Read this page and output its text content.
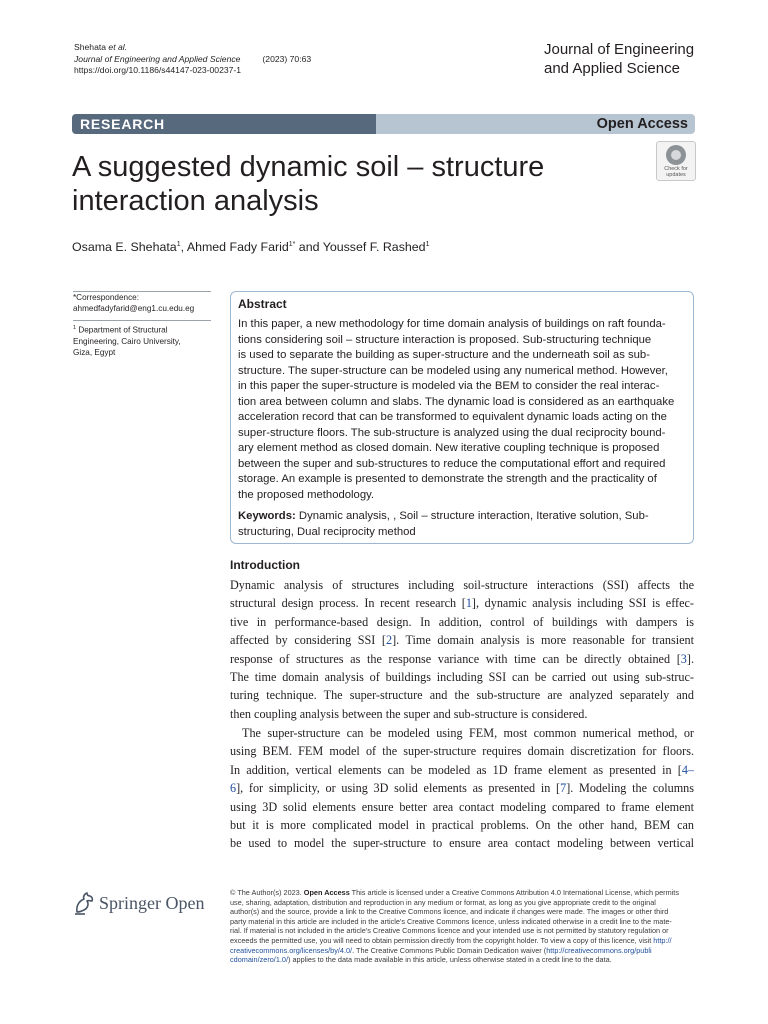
Shehata et al.
Journal of Engineering and Applied Science	(2023) 70:63
https://doi.org/10.1186/s44147-023-00237-1
Journal of Engineering
and Applied Science
RESEARCH	Open Access
A suggested dynamic soil – structure
interaction analysis
Check for
updates
Osama E. Shehata$^1$, Ahmed Fady Farid$^{1*}$ and Youssef F. Rashed$^1$
*Correspondence:
ahmedfadyfarid@eng1.cu.edu.eg
$^1$ Department of Structural
Engineering, Cairo University,
Giza, Egypt
Abstract
In this paper, a new methodology for time domain analysis of buildings on raft founda-
tions considering soil – structure interaction is proposed. Sub-structuring technique
is used to separate the building as super-structure and the underneath soil as sub-
structure. The super-structure can be modeled using any numerical method. However,
in this paper the super-structure is modeled via the BEM to consider the real interac-
tion area between column and slabs. The dynamic load is considered as an earthquake
acceleration record that can be transformed to equivalent dynamic loads acting on the
super-structure floors. The sub-structure is analyzed using the dual reciprocity bound-
ary element method as closed domain. New iterative coupling technique is proposed
between the super and sub-structures to reduce the computational effort and required
storage. An example is presented to demonstrate the strength and the practicality of
the proposed methodology.
Keywords: Dynamic analysis, , Soil – structure interaction, Iterative solution, Sub-
structuring, Dual reciprocity method
Introduction
Dynamic analysis of structures including soil-structure interactions (SSI) affects the
structural design process. In recent research [1], dynamic analysis including SSI is effec-
tive in performance-based design. In addition, control of buildings with dampers is
affected by considering SSI [2]. Time domain analysis is more reasonable for transient
response of structures as the response variance with time can be directly obtained [3].
The time domain analysis of buildings including SSI can be carried out using sub-struc-
turing technique. The super-structure and the sub-structure are analyzed separately and
then coupling analysis between the super and sub-structure is considered.
The super-structure can be modeled using FEM, most common numerical method, or
using BEM. FEM model of the super-structure requires domain discretization for floors.
In addition, vertical elements can be modeled as 1D frame element as presented in [4–
6], for simplicity, or using 3D solid elements as presented in [7]. Modeling the columns
using 3D solid elements ensure better area contact modeling compared to frame element
but it is more complicated model in practical problems. On the other hand, BEM can
be used to model the super-structure to ensure area contact modeling between vertical
Springer Open
© The Author(s) 2023. Open Access This article is licensed under a Creative Commons Attribution 4.0 International License, which permits
use, sharing, adaptation, distribution and reproduction in any medium or format, as long as you give appropriate credit to the original
author(s) and the source, provide a link to the Creative Commons licence, and indicate if changes were made. The images or other third
party material in this article are included in the article's Creative Commons licence, unless indicated otherwise in a credit line to the mate-
rial. If material is not included in the article's Creative Commons licence and your intended use is not permitted by statutory regulation or
exceeds the permitted use, you will need to obtain permission directly from the copyright holder. To view a copy of this licence, visit http://
creativecommons.org/licenses/by/4.0/. The Creative Commons Public Domain Dedication waiver (http://creativecommons.org/publi
cdomain/zero/1.0/) applies to the data made available in this article, unless otherwise stated in a credit line to the data.
